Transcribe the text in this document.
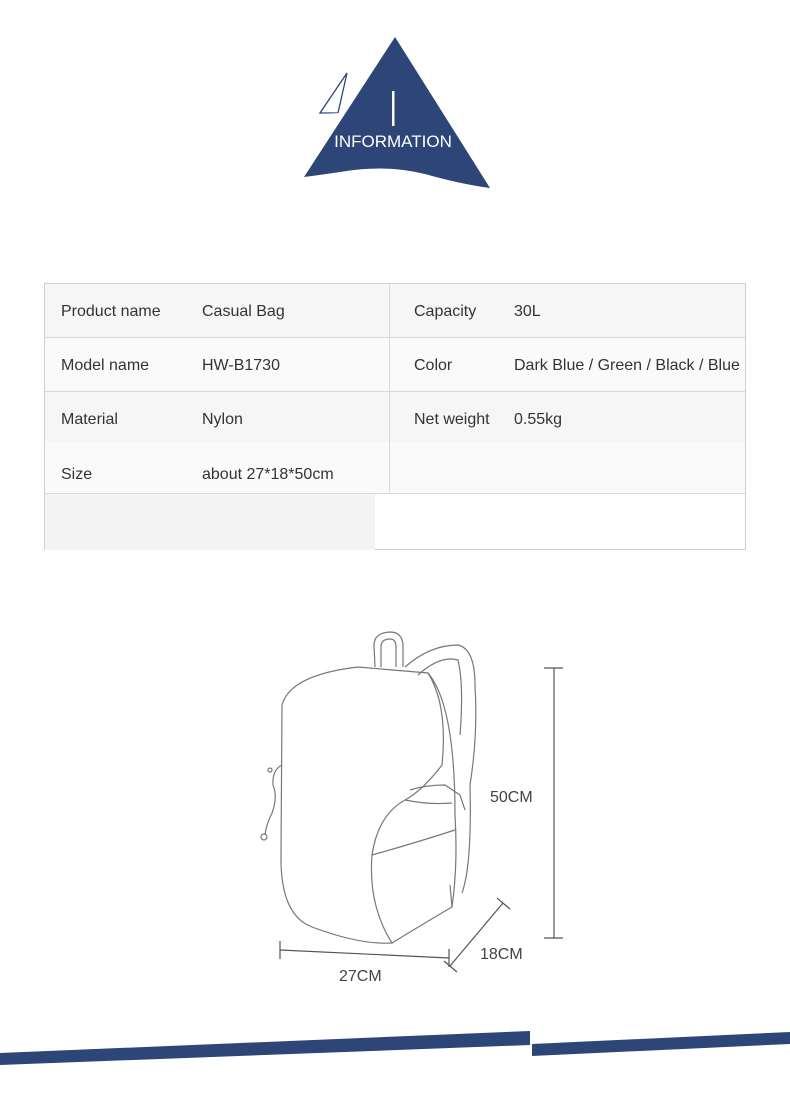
INFORMATION
Product name	Casual Bag	Capacity 30L
Model name	HW-B1730	Color	Dark Blue / Green / Black / Blue
Material	Nylon	Net weight 0.55kg
Size	about 27*18*50cm
50CM
18CM
27CM
